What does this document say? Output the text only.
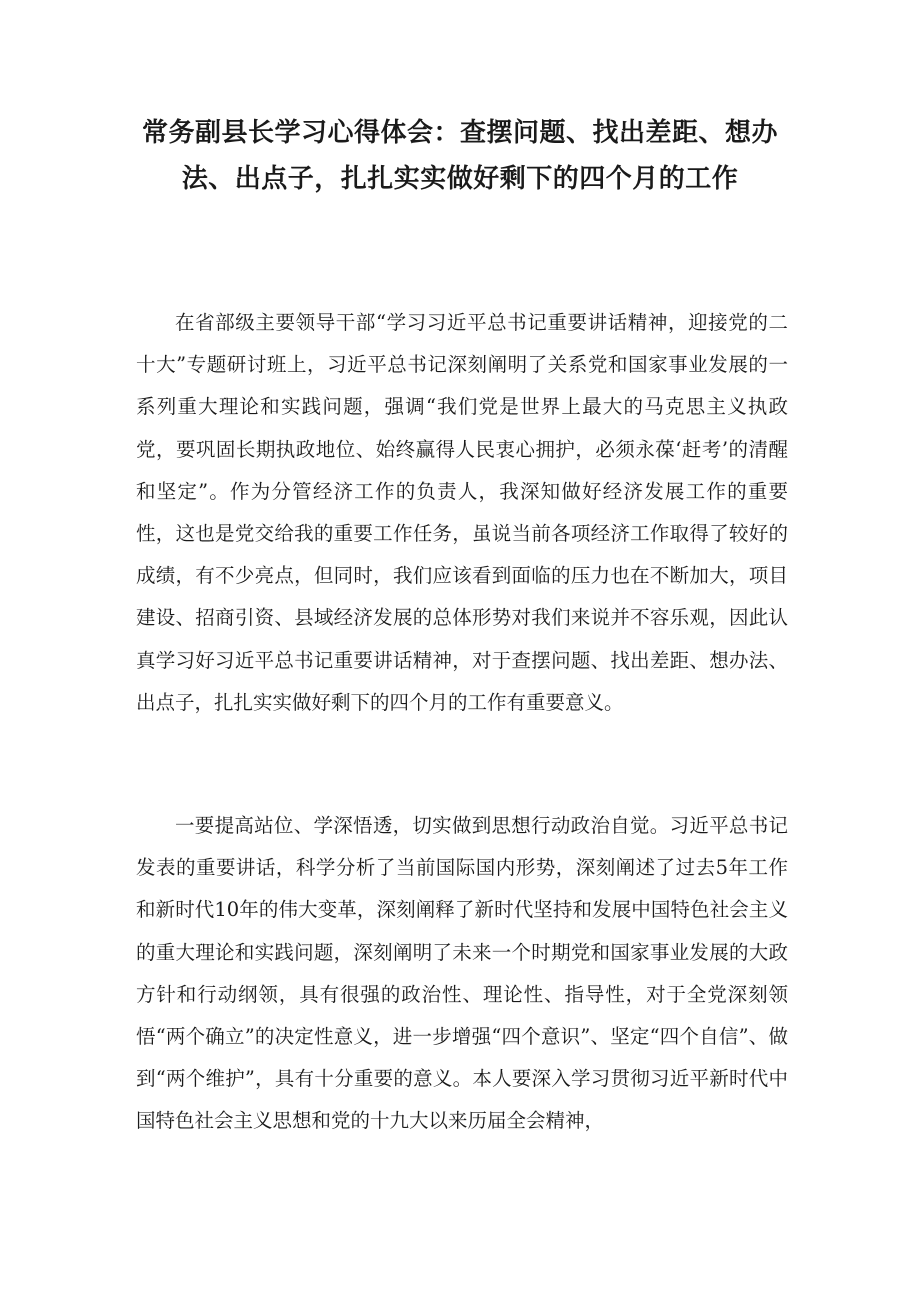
常务副县长学习心得体会：查摆问题、找出差距、想办法、出点子，扎扎实实做好剩下的四个月的工作

在省部级主要领导干部“学习习近平总书记重要讲话精神，迎接党的二十大”专题研讨班上，习近平总书记深刻阐明了关系党和国家事业发展的一系列重大理论和实践问题，强调“我们党是世界上最大的马克思主义执政党，要巩固长期执政地位、始终赢得人民衷心拥护，必须永葆‘赶考’的清醒和坚定”。作为分管经济工作的负责人，我深知做好经济发展工作的重要性，这也是党交给我的重要工作任务，虽说当前各项经济工作取得了较好的成绩，有不少亮点，但同时，我们应该看到面临的压力也在不断加大，项目建设、招商引资、县域经济发展的总体形势对我们来说并不容乐观，因此认真学习好习近平总书记重要讲话精神，对于查摆问题、找出差距、想办法、出点子，扎扎实实做好剩下的四个月的工作有重要意义。

一要提高站位、学深悟透，切实做到思想行动政治自觉。习近平总书记发表的重要讲话，科学分析了当前国际国内形势，深刻阐述了过去5年工作和新时代10年的伟大变革，深刻阐释了新时代坚持和发展中国特色社会主义的重大理论和实践问题，深刻阐明了未来一个时期党和国家事业发展的大政方针和行动纲领，具有很强的政治性、理论性、指导性，对于全党深刻领悟“两个确立”的决定性意义，进一步增强“四个意识”、坚定“四个自信”、做到“两个维护”，具有十分重要的意义。本人要深入学习贯彻习近平新时代中国特色社会主义思想和党的十九大以来历届全会精神，
